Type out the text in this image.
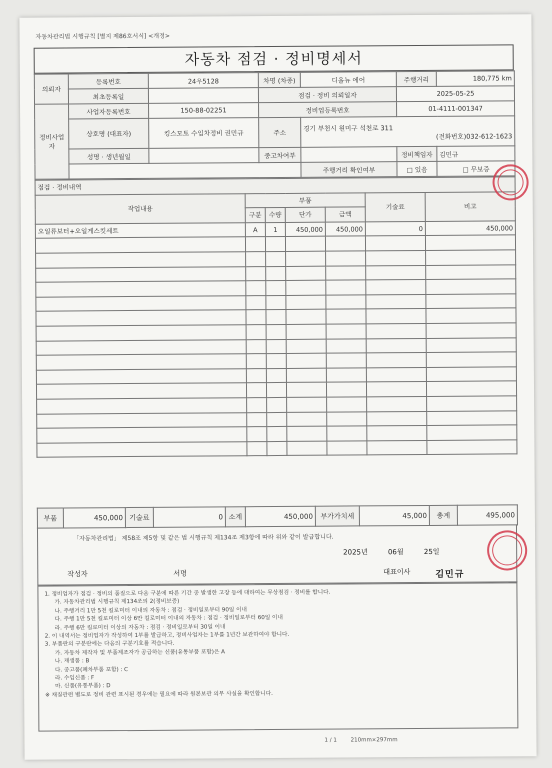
자동차관리법 시행규칙 [별지 제86호서식] <개정>
자동차 점검 · 정비명세서
의뢰자	등록번호	24우5128	차명 (차종)	디올뉴 에어	주행거리	180,775 km
	최초등록일		점검 · 정비 의뢰일자		2025-05-25	
정비사업자	사업자등록번호	150-88-02251	정비업등록번호		01-4111-001347	
	상호명 (대표자)	킹스모토 수입차정비 권민규	주소	경기 부천시 원미구 석천로 311
(전화번호)032-612-1623		

	성명 · 생년월일		중고차여부		정비책임자	김민규
				주행거리 확인여부	□ 있음	□ 무보증
점검 · 정비내역						
작업내용	부품				기술료	비고
	구분	수량	단가	금액		
오일류보터+오일게스킷세트	A	1	450,000	450,000	0	450,000

부품	450,000	기술료	0	소계	450,000	부가가치세	45,000	총계	495,000
「자동차관리법」 제58조 제5항 및 같은 법 시행규칙 제134조 제3항에 따라 위와 같이 발급합니다.
2025년	06월	25일
작성자	서명	대표이사	김민규

1. 정비업자가 점검 · 정비의 품질으로 다음 구분에 따른 기간 중 발생한 고장 등에 대하여는 무상점검 · 정비를 합니다.

가. 자동차관리법 시행규칙 제134조의 2(정비보증)

나. 주행거리 1만 5천 킬로미터 이내의 자동차 : 점검 · 정비일로부터 90일 이내

다. 주행 1만 5천 킬로미터 이상 6만 킬로미터 이내의 자동차 : 점검 · 정비일로부터 60일 이내

라. 주행 6만 킬로미터 이상의 자동차 : 점검 · 정비일로부터 30일 이내

2. 이 내역서는 정비업자가 작성하여 1부를 발급하고, 정비사업자는 1부를 1년간 보관하여야 합니다.

3. 부품란의 구분란에는 다음의 구분기호를 적습니다.

가. 자동차 제작자 및 부품제조자가 공급하는 신품(유통부품 포함)은 A

나. 재생품 : B

다. 중고품(폐차부품 포함) : C

라. 수입신품 : F

마. 신품(유통부품) : D

※ 재질관련 별도로 정비 관련 표시된 경우에는 필요에 따라 원본보관 의무 사실을 확인합니다.

1 / 1 210mm×297mm
